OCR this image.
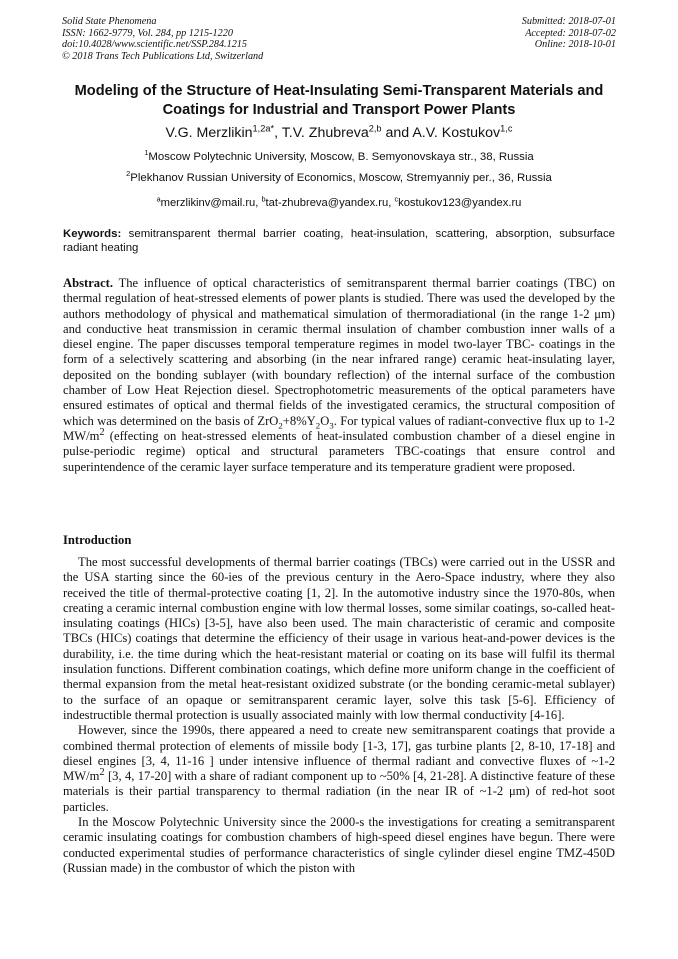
Solid State Phenomena
ISSN: 1662-9779, Vol. 284, pp 1215-1220
doi:10.4028/www.scientific.net/SSP.284.1215
© 2018 Trans Tech Publications Ltd, Switzerland
Submitted: 2018-07-01
Accepted: 2018-07-02
Online: 2018-10-01
Modeling of the Structure of Heat-Insulating Semi-Transparent Materials and Coatings for Industrial and Transport Power Plants
V.G. Merzlikin$^{1,2a*}$, T.V. Zhubreva$^{2,b}$ and A.V. Kostukov$^{1,c}$
$^1$Moscow Polytechnic University, Moscow, B. Semyonovskaya str., 38, Russia
$^2$Plekhanov Russian University of Economics, Moscow, Stremyanniy per., 36, Russia
$^a$merzlikinv@mail.ru, $^b$tat-zhubreva@yandex.ru, $^c$kostukov123@yandex.ru
Keywords: semitransparent thermal barrier coating, heat-insulation, scattering, absorption, subsurface radiant heating

Abstract. The influence of optical characteristics of semitransparent thermal barrier coatings (TBC) on thermal regulation of heat-stressed elements of power plants is studied. There was used the developed by the authors methodology of physical and mathematical simulation of thermoradiational (in the range 1-2 μm) and conductive heat transmission in ceramic thermal insulation of chamber combustion inner walls of a diesel engine. The paper discusses temporal temperature regimes in model two-layer TBC- coatings in the form of a selectively scattering and absorbing (in the near infrared range) ceramic heat-insulating layer, deposited on the bonding sublayer (with boundary reflection) of the internal surface of the combustion chamber of Low Heat Rejection diesel. Spectrophotometric measurements of the optical parameters have ensured estimates of optical and thermal fields of the investigated ceramics, the structural composition of which was determined on the basis of $ZrO_2+8\%Y_2O_3$. For typical values of radiant-convective flux up to 1-2 $MW/m^2$ (effecting on heat-stressed elements of heat-insulated combustion chamber of a diesel engine in pulse-periodic regime) optical and structural parameters TBC-coatings that ensure control and superintendence of the ceramic layer surface temperature and its temperature gradient were proposed.

Introduction

The most successful developments of thermal barrier coatings (TBCs) were carried out in the USSR and the USA starting since the 60-ies of the previous century in the Aero-Space industry, where they also received the title of thermal-protective coating [1, 2]. In the automotive industry since the 1970-80s, when creating a ceramic internal combustion engine with low thermal losses, some similar coatings, so-called heat-insulating coatings (HICs) [3-5], have also been used. The main characteristic of ceramic and composite TBCs (HICs) coatings that determine the efficiency of their usage in various heat-and-power devices is the durability, i.e. the time during which the heat-resistant material or coating on its base will fulfil its thermal insulation functions. Different combination coatings, which define more uniform change in the coefficient of thermal expansion from the metal heat-resistant oxidized substrate (or the bonding ceramic-metal sublayer) to the surface of an opaque or semitransparent ceramic layer, solve this task [5-6]. Efficiency of indestructible thermal protection is usually associated mainly with low thermal conductivity [4-16].

However, since the 1990s, there appeared a need to create new semitransparent coatings that provide a combined thermal protection of elements of missile body [1-3, 17], gas turbine plants [2, 8-10, 17-18] and diesel engines [3, 4, 11-16 ] under intensive influence of thermal radiant and convective fluxes of ~1-2 $MW/m^2$ [3, 4, 17-20] with a share of radiant component up to ~50% [4, 21-28]. A distinctive feature of these materials is their partial transparency to thermal radiation (in the near IR of ~1-2 μm) of red-hot soot particles.

In the Moscow Polytechnic University since the 2000-s the investigations for creating a semitransparent ceramic insulating coatings for combustion chambers of high-speed diesel engines have begun. There were conducted experimental studies of performance characteristics of single cylinder diesel engine TMZ-450D (Russian made) in the combustor of which the piston with
